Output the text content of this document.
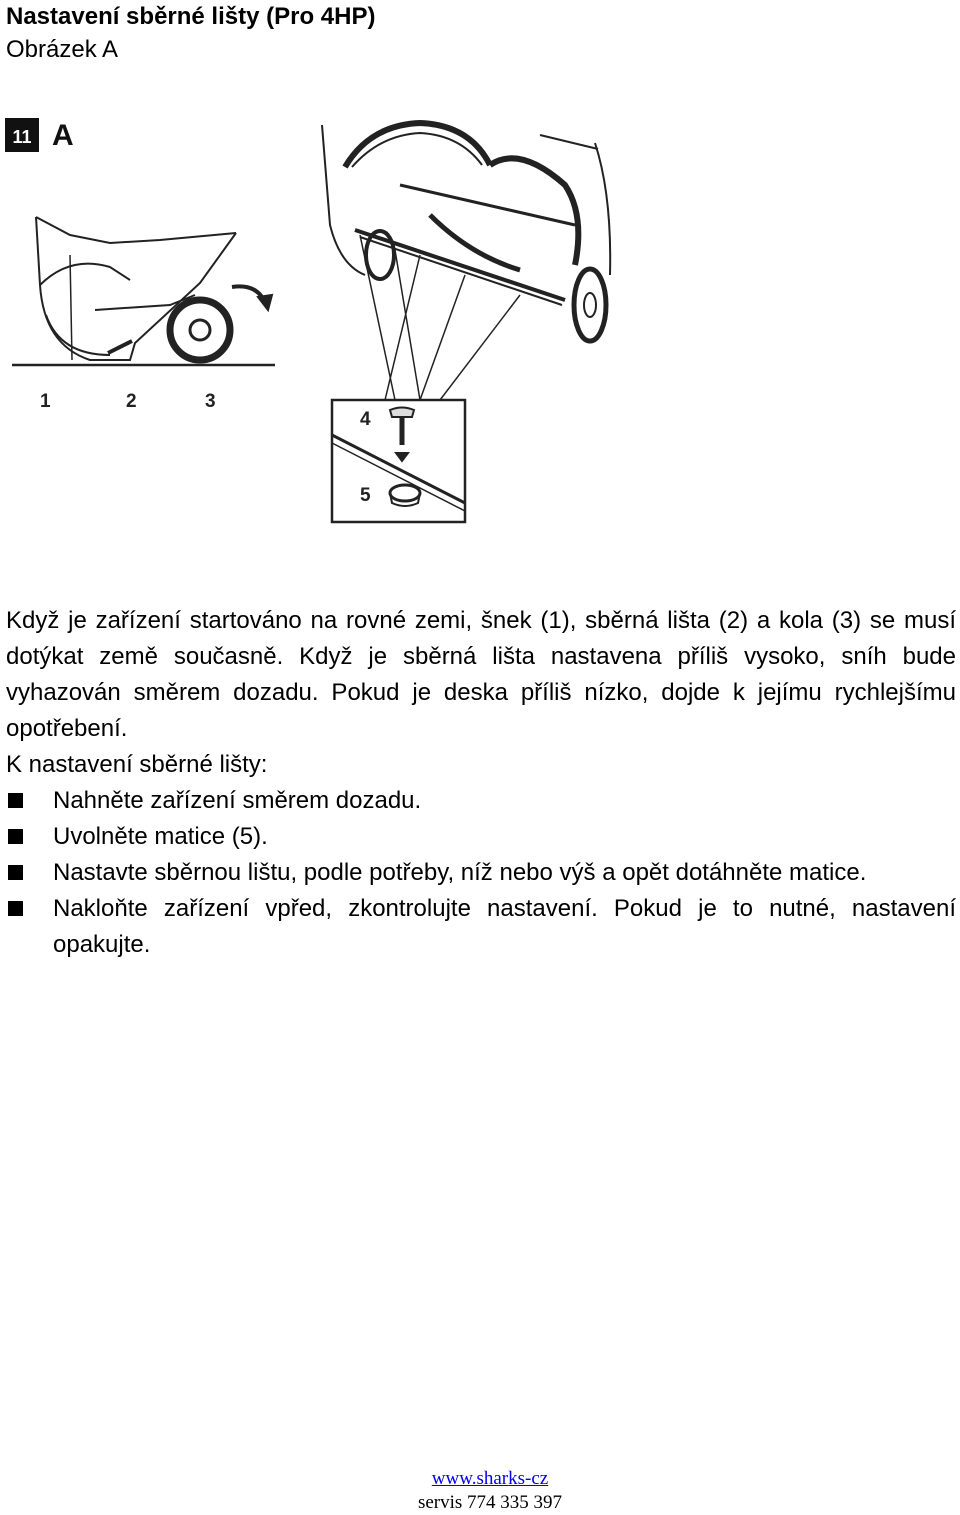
Nastavení sběrné lišty (Pro 4HP)
Obrázek A
11 A
1	2	3
4
5

Když je zařízení startováno na rovné zemi, šnek (1), sběrná lišta (2) a kola (3) se musí dotýkat země současně. Když je sběrná lišta nastavena příliš vysoko, sníh bude vyhazován směrem dozadu. Pokud je deska příliš nízko, dojde k jejímu rychlejšímu opotřebení.

K nastavení sběrné lišty:

Nahněte zařízení směrem dozadu.
Uvolněte matice (5).
Nastavte sběrnou lištu, podle potřeby, níž nebo výš a opět dotáhněte matice.
Nakloňte zařízení vpřed, zkontrolujte nastavení. Pokud je to nutné, nastavení opakujte.
www.sharks-cz
servis 774 335 397
